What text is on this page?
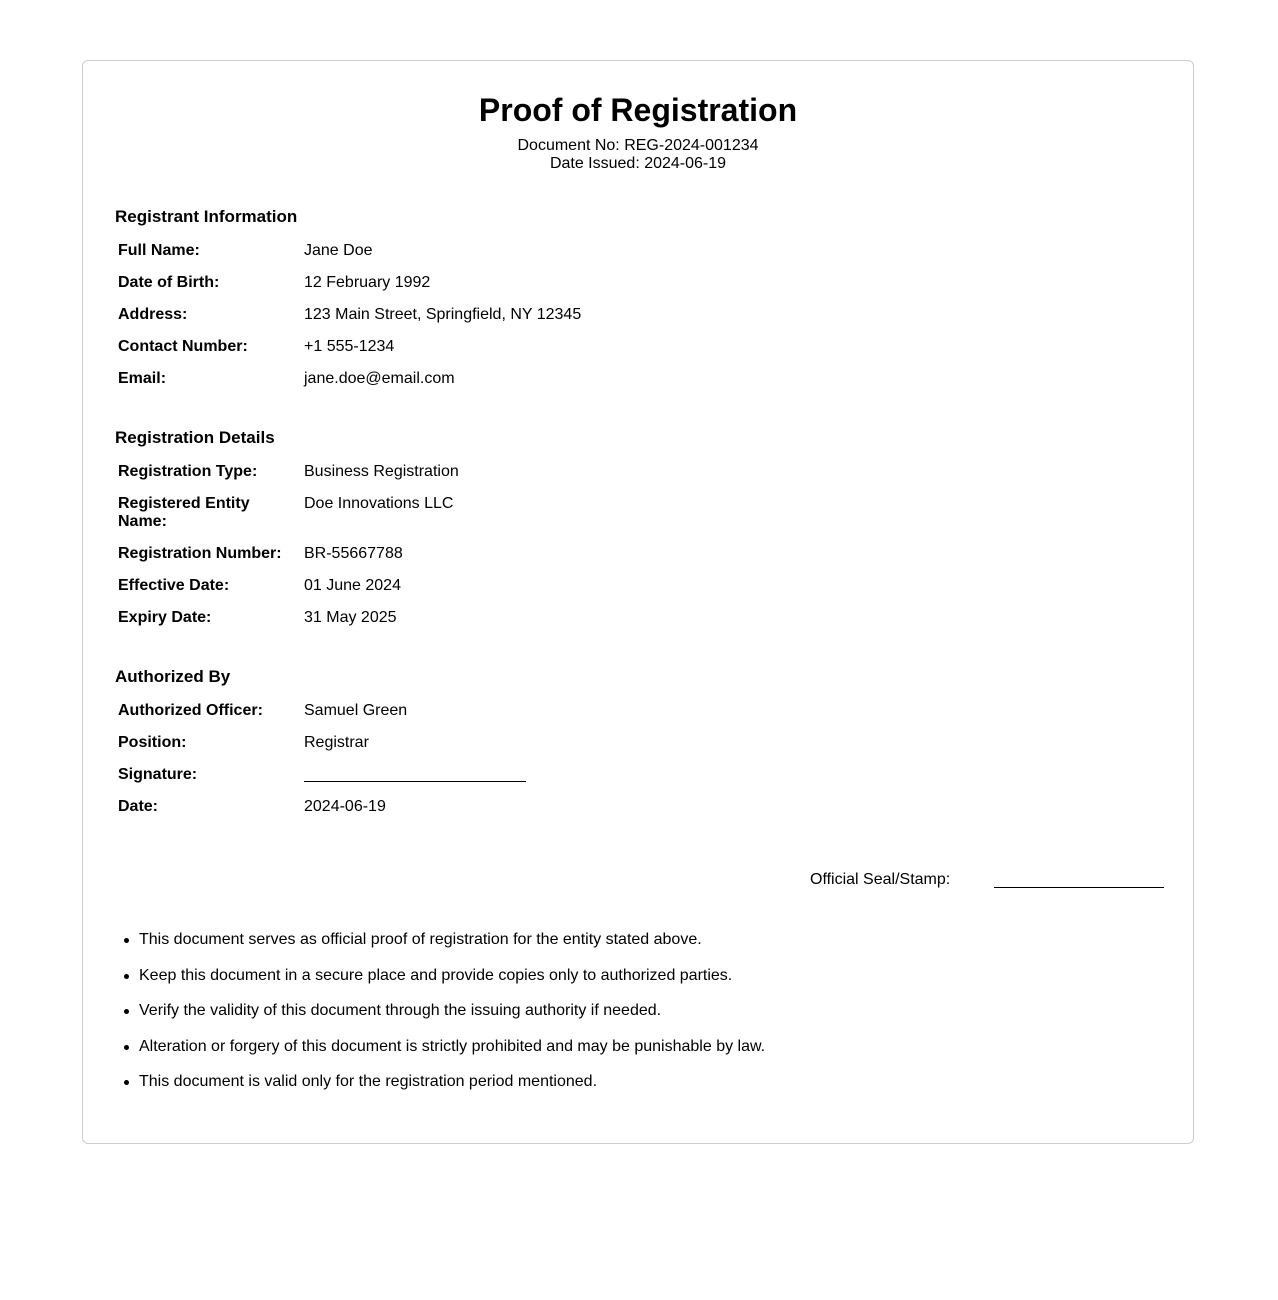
Proof of Registration
Document No: REG-2024-001234
Date Issued: 2024-06-19
Registrant Information
Full Name:	Jane Doe
Date of Birth:	12 February 1992
Address:	123 Main Street, Springfield, NY 12345
Contact Number:	+1 555-1234
Email:	jane.doe@email.com
Registration Details
Registration Type:	Business Registration
Registered Entity Name:
Doe Innovations LLC
Registration Number:	BR-55667788
Effective Date:	01 June 2024
Expiry Date:	31 May 2025
Authorized By
Authorized Officer:	Samuel Green
Position:	Registrar
Signature:
Date:	2024-06-19
Official Seal/Stamp:
This document serves as official proof of registration for the entity stated above.
Keep this document in a secure place and provide copies only to authorized parties.
Verify the validity of this document through the issuing authority if needed.
Alteration or forgery of this document is strictly prohibited and may be punishable by law.
This document is valid only for the registration period mentioned.
